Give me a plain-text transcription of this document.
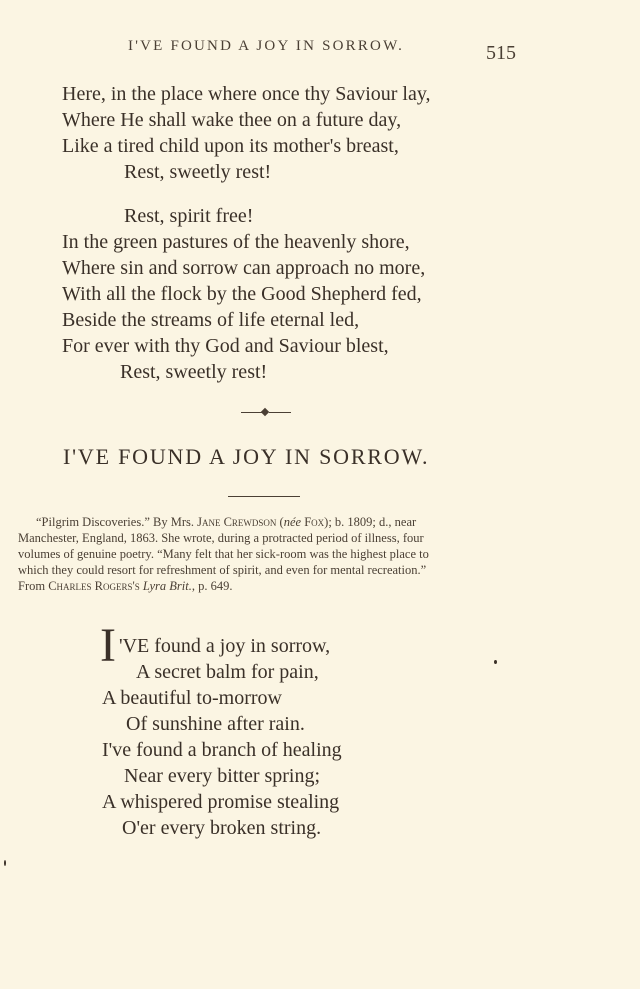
I'VE FOUND A JOY IN SORROW.	515
Here, in the place where once thy Saviour lay,
Where He shall wake thee on a future day,
Like a tired child upon its mother's breast,
Rest, sweetly rest!
Rest, spirit free!
In the green pastures of the heavenly shore,
Where sin and sorrow can approach no more,
With all the flock by the Good Shepherd fed,
Beside the streams of life eternal led,
For ever with thy God and Saviour blest,
Rest, sweetly rest!
I'VE FOUND A JOY IN SORROW.
“Pilgrim Discoveries.” By Mrs. Jane Crewdson (née Fox); b. 1809; d., near
Manchester, England, 1863. She wrote, during a protracted period of illness, four
volumes of genuine poetry. “Many felt that her sick-room was the highest place to
which they could resort for refreshment of spirit, and even for mental recreation.”
From Charles Rogers's Lyra Brit., p. 649.
I 'VE found a joy in sorrow,
A secret balm for pain,
A beautiful to-morrow
Of sunshine after rain.
I've found a branch of healing
Near every bitter spring;
A whispered promise stealing
O'er every broken string.
